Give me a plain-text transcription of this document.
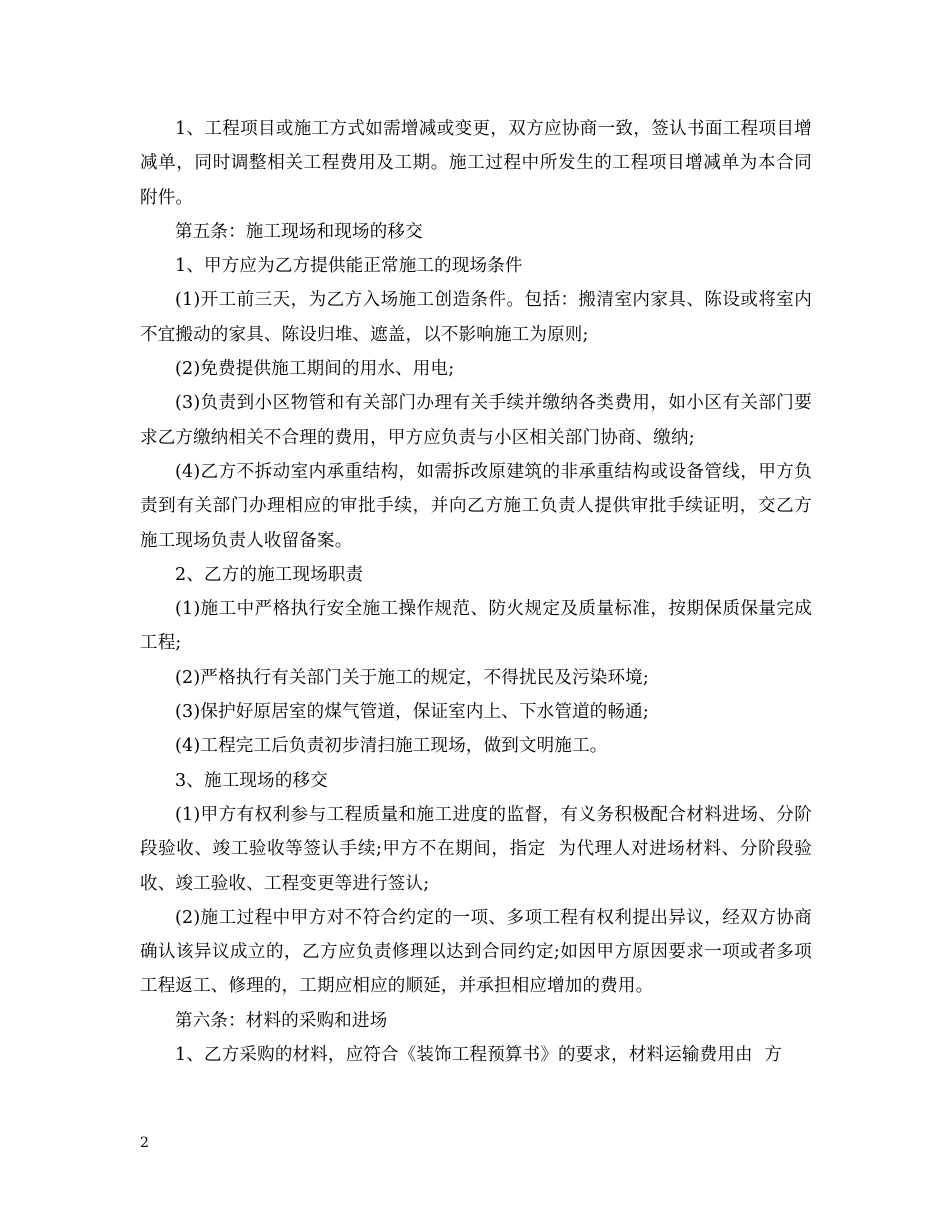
1、工程项目或施工方式如需增减或变更，双方应协商一致，签认书面工程项目增减单，同时调整相关工程费用及工期。施工过程中所发生的工程项目增减单为本合同附件。

第五条：施工现场和现场的移交

1、甲方应为乙方提供能正常施工的现场条件

(1)开工前三天，为乙方入场施工创造条件。包括：搬清室内家具、陈设或将室内不宜搬动的家具、陈设归堆、遮盖，以不影响施工为原则;

(2)免费提供施工期间的用水、用电;

(3)负责到小区物管和有关部门办理有关手续并缴纳各类费用，如小区有关部门要求乙方缴纳相关不合理的费用，甲方应负责与小区相关部门协商、缴纳;

(4)乙方不拆动室内承重结构，如需拆改原建筑的非承重结构或设备管线，甲方负责到有关部门办理相应的审批手续，并向乙方施工负责人提供审批手续证明，交乙方施工现场负责人收留备案。

2、乙方的施工现场职责

(1)施工中严格执行安全施工操作规范、防火规定及质量标准，按期保质保量完成工程;

(2)严格执行有关部门关于施工的规定，不得扰民及污染环境;

(3)保护好原居室的煤气管道，保证室内上、下水管道的畅通;

(4)工程完工后负责初步清扫施工现场，做到文明施工。

3、施工现场的移交

(1)甲方有权利参与工程质量和施工进度的监督，有义务积极配合材料进场、分阶段验收、竣工验收等签认手续;甲方不在期间，指定  为代理人对进场材料、分阶段验收、竣工验收、工程变更等进行签认;

(2)施工过程中甲方对不符合约定的一项、多项工程有权利提出异议，经双方协商确认该异议成立的，乙方应负责修理以达到合同约定;如因甲方原因要求一项或者多项工程返工、修理的，工期应相应的顺延，并承担相应增加的费用。

第六条：材料的采购和进场

1、乙方采购的材料，应符合《装饰工程预算书》的要求，材料运输费用由  方

2
